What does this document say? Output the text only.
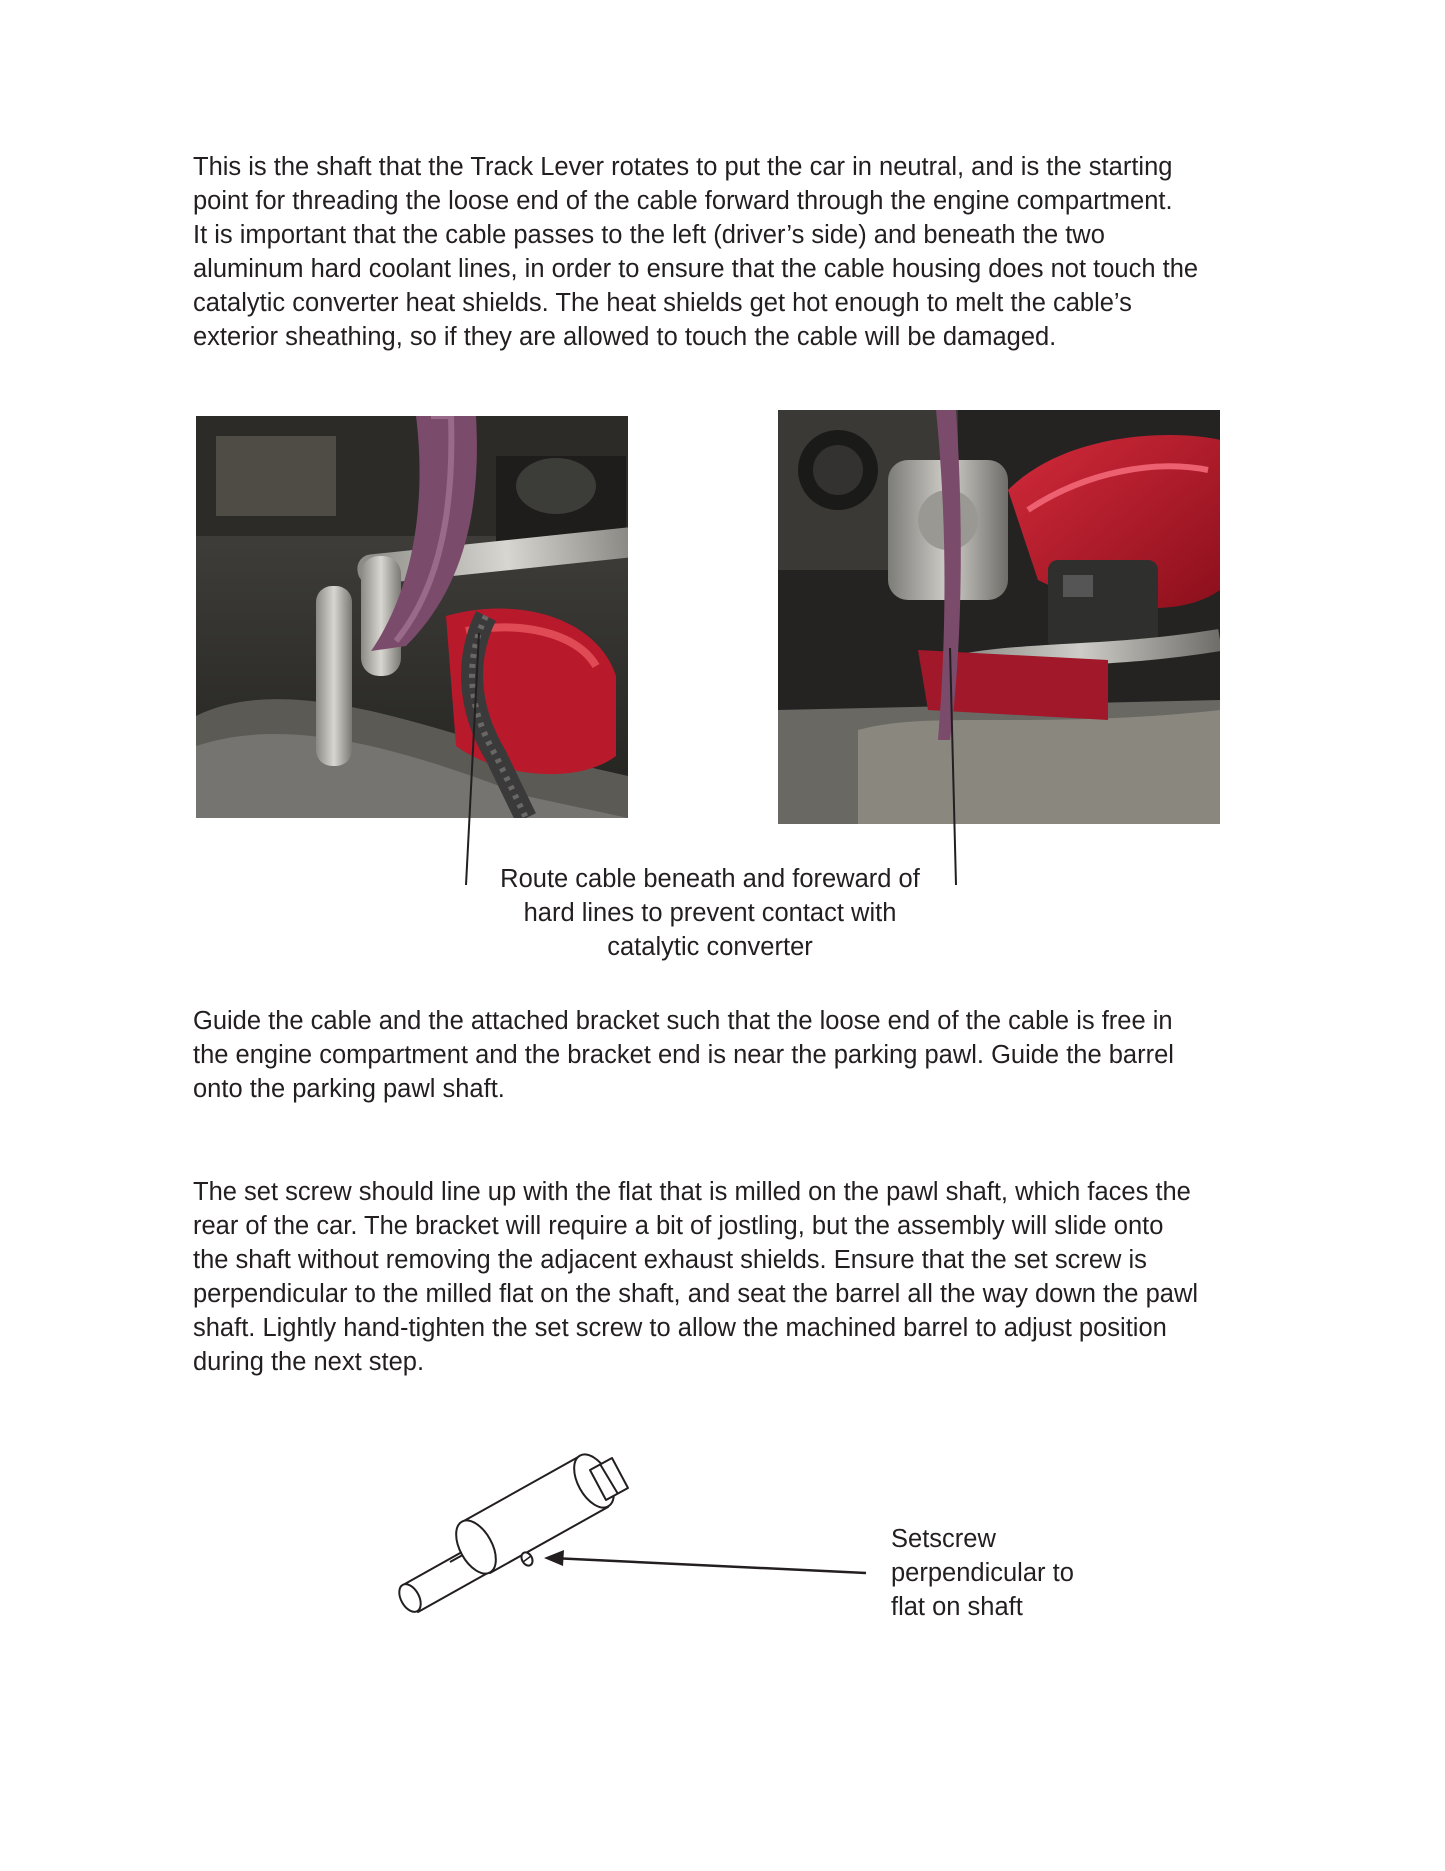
This is the shaft that the Track Lever rotates to put the car in neutral, and is the starting
point for threading the loose end of the cable forward through the engine compartment.
It is important that the cable passes to the left (driver’s side) and beneath the two
aluminum hard coolant lines, in order to ensure that the cable housing does not touch the
catalytic converter heat shields. The heat shields get hot enough to melt the cable’s
exterior sheathing, so if they are allowed to touch the cable will be damaged.

Route cable beneath and foreward of
hard lines to prevent contact with
catalytic converter

Guide the cable and the attached bracket such that the loose end of the cable is free in
the engine compartment and the bracket end is near the parking pawl. Guide the barrel
onto the parking pawl shaft.

The set screw should line up with the flat that is milled on the pawl shaft, which faces the
rear of the car. The bracket will require a bit of jostling, but the assembly will slide onto
the shaft without removing the adjacent exhaust shields. Ensure that the set screw is
perpendicular to the milled flat on the shaft, and seat the barrel all the way down the pawl
shaft. Lightly hand-tighten the set screw to allow the machined barrel to adjust position
during the next step.

Setscrew
perpendicular to
flat on shaft
